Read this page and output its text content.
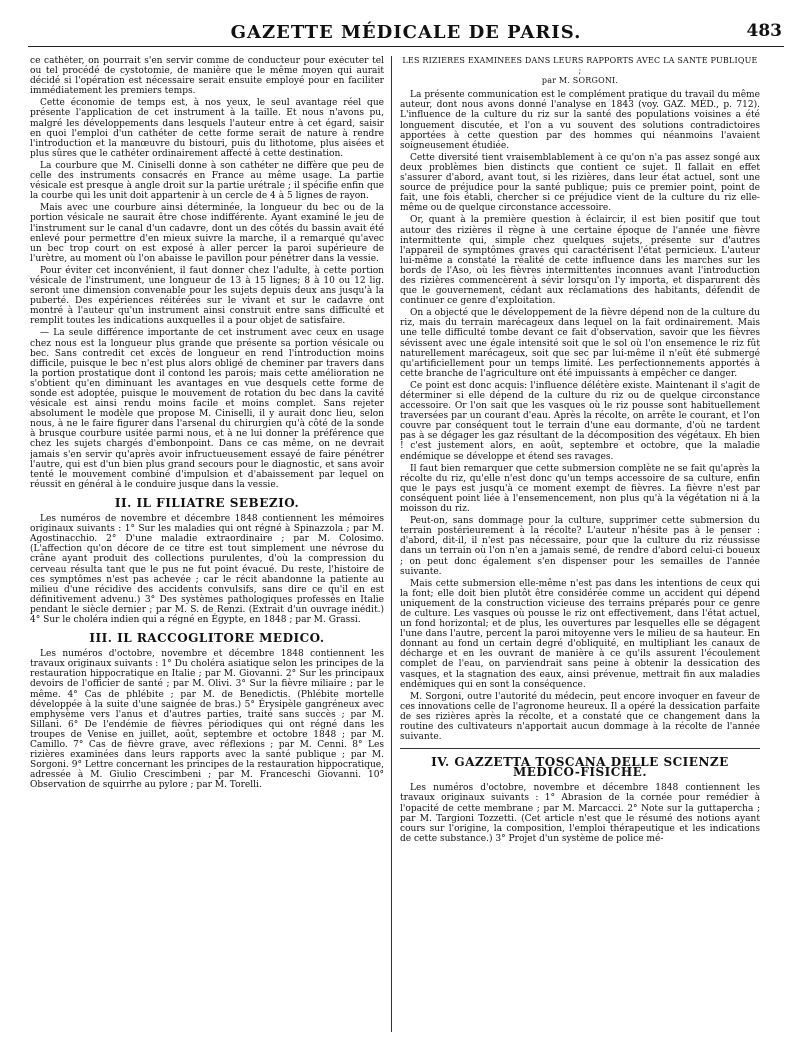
GAZETTE MÉDICALE DE PARIS.	483

ce cathéter, on pourrait s'en servir comme de conducteur pour exécuter tel ou tel procédé de cystotomie, de manière que le même moyen qui aurait décidé si l'opération est nécessaire serait ensuite employé pour en faciliter immédiatement les premiers temps.

Cette économie de temps est, à nos yeux, le seul avantage réel que présente l'application de cet instrument à la taille. Et nous n'avons pu, malgré les développements dans lesquels l'auteur entre à cet égard, saisir en quoi l'emploi d'un cathéter de cette forme serait de nature à rendre l'introduction et la manœuvre du bistouri, puis du lithotome, plus aisées et plus sûres que le cathéter ordinairement affecté à cette destination.

La courbure que M. Ciniselli donne à son cathéter ne diffère que peu de celle des instruments consacrés en France au même usage. La partie vésicale est presque à angle droit sur la partie urétrale ; il spécifie enfin que la courbe qui les unit doit appartenir à un cercle de 4 à 5 lignes de rayon.

Mais avec une courbure ainsi déterminée, la longueur du bec ou de la portion vésicale ne saurait être chose indifférente. Ayant examiné le jeu de l'instrument sur le canal d'un cadavre, dont un des côtés du bassin avait été enlevé pour permettre d'en mieux suivre la marche, il a remarqué qu'avec un bec trop court on est exposé à aller percer la paroi supérieure de l'urètre, au moment où l'on abaisse le pavillon pour pénétrer dans la vessie.

Pour éviter cet inconvénient, il faut donner chez l'adulte, à cette portion vésicale de l'instrument, une longueur de 13 à 15 lignes; 8 à 10 ou 12 lig. seront une dimension convenable pour les sujets depuis deux ans jusqu'à la puberté. Des expériences réitérées sur le vivant et sur le cadavre ont montré à l'auteur qu'un instrument ainsi construit entre sans difficulté et remplit toutes les indications auxquelles il a pour objet de satisfaire.

— La seule différence importante de cet instrument avec ceux en usage chez nous est la longueur plus grande que présente sa portion vésicale ou bec. Sans contredit cet excès de longueur en rend l'introduction moins difficile, puisque le bec n'est plus alors obligé de cheminer par travers dans la portion prostatique dont il contond les parois; mais cette amélioration ne s'obtient qu'en diminuant les avantages en vue desquels cette forme de sonde est adoptée, puisque le mouvement de rotation du bec dans la cavité vésicale est ainsi rendu moins facile et moins complet. Sans rejeter absolument le modèle que propose M. Ciniselli, il y aurait donc lieu, selon nous, à ne le faire figurer dans l'arsenal du chirurgien qu'à côté de la sonde à brusque courbure usitée parmi nous, et à ne lui donner la préférence que chez les sujets chargés d'embonpoint. Dans ce cas même, on ne devrait jamais s'en servir qu'après avoir infructueusement essayé de faire pénétrer l'autre, qui est d'un bien plus grand secours pour le diagnostic, et sans avoir tenté le mouvement combiné d'impulsion et d'abaissement par lequel on réussit en général à le conduire jusque dans la vessie.

II. IL FILIATRE SEBEZIO.

Les numéros de novembre et décembre 1848 contiennent les mémoires originaux suivants : 1° Sur les maladies qui ont régné à Spinazzola ; par M. Agostinacchio. 2° D'une maladie extraordinaire ; par M. Colosimo. (L'affection qu'on décore de ce titre est tout simplement une névrose du crâne ayant produit des collections purulentes, d'où la compression du cerveau résulta tant que le pus ne fut point évacué. Du reste, l'histoire de ces symptômes n'est pas achevée ; car le récit abandonne la patiente au milieu d'une récidive des accidents convulsifs, sans dire ce qu'il en est définitivement advenu.) 3° Des systèmes pathologiques professés en Italie pendant le siècle dernier ; par M. S. de Renzi. (Extrait d'un ouvrage inédit.) 4° Sur le choléra indien qui a régné en Égypte, en 1848 ; par M. Grassi.

III. IL RACCOGLITORE MEDICO.

Les numéros d'octobre, novembre et décembre 1848 contiennent les travaux originaux suivants : 1° Du choléra asiatique selon les principes de la restauration hippocratique en Italie ; par M. Giovanni. 2° Sur les principaux devoirs de l'officier de santé ; par M. Olivi. 3° Sur la fièvre miliaire ; par le même. 4° Cas de phlébite ; par M. de Benedictis. (Phlébite mortelle développée à la suite d'une saignée de bras.) 5° Érysipèle gangréneux avec emphysème vers l'anus et d'autres parties, traité sans succès ; par M. Sillani. 6° De l'endémie de fièvres périodiques qui ont régné dans les troupes de Venise en juillet, août, septembre et octobre 1848 ; par M. Camillo. 7° Cas de fièvre grave, avec réflexions ; par M. Cenni. 8° Les rizières examinées dans leurs rapports avec la santé publique ; par M. Sorgoni. 9° Lettre concernant les principes de la restauration hippocratique, adressée à M. Giulio Crescimbeni ; par M. Franceschi Giovanni. 10° Observation de squirrhe au pylore ; par M. Torelli.

LES RIZIÈRES EXAMINÉES DANS LEURS RAPPORTS AVEC LA SANTÉ PUBLIQUE ;
par M. SORGONI.

La présente communication est le complément pratique du travail du même auteur, dont nous avons donné l'analyse en 1843 (voy. GAZ. MÉD., p. 712). L'influence de la culture du riz sur la santé des populations voisines a été longuement discutée, et l'on a vu souvent des solutions contradictoires apportées à cette question par des hommes qui néanmoins l'avaient soigneusement étudiée.

Cette diversité tient vraisemblablement à ce qu'on n'a pas assez songé aux deux problèmes bien distincts que contient ce sujet. Il fallait en effet s'assurer d'abord, avant tout, si les rizières, dans leur état actuel, sont une source de préjudice pour la santé publique; puis ce premier point, point de fait, une fois établi, chercher si ce préjudice vient de la culture du riz elle-même ou de quelque circonstance accessoire.

Or, quant à la première question à éclaircir, il est bien positif que tout autour des rizières il règne à une certaine époque de l'année une fièvre intermittente qui, simple chez quelques sujets, présente sur d'autres l'appareil de symptômes graves qui caractérisent l'état pernicieux. L'auteur lui-même a constaté la réalité de cette influence dans les marches sur les bords de l'Aso, où les fièvres intermittentes inconnues avant l'introduction des rizières commencèrent à sévir lorsqu'on l'y importa, et disparurent dès que le gouvernement, cédant aux réclamations des habitants, défendit de continuer ce genre d'exploitation.

On a objecté que le développement de la fièvre dépend non de la culture du riz, mais du terrain marécageux dans lequel on la fait ordinairement. Mais une telle difficulté tombe devant ce fait d'observation, savoir que les fièvres sévissent avec une égale intensité soit que le sol où l'on ensemence le riz fût naturellement marécageux, soit que sec par lui-même il n'eût été submergé qu'artificiellement pour un temps limité. Les perfectionnements apportés à cette branche de l'agriculture ont été impuissants à empêcher ce danger.

Ce point est donc acquis: l'influence délétère existe. Maintenant il s'agit de déterminer si elle dépend de la culture du riz ou de quelque circonstance accessoire. Or l'on sait que les vasques où le riz pousse sont habituellement traversées par un courant d'eau. Après la récolte, on arrête le courant, et l'on couvre par conséquent tout le terrain d'une eau dormante, d'où ne tardent pas à se dégager les gaz résultant de la décomposition des végétaux. Eh bien ! c'est justement alors, en août, septembre et octobre, que la maladie endémique se développe et étend ses ravages.

Il faut bien remarquer que cette submersion complète ne se fait qu'après la récolte du riz, qu'elle n'est donc qu'un temps accessoire de sa culture, enfin que le pays est jusqu'à ce moment exempt de fièvres. La fièvre n'est par conséquent point liée à l'ensemencement, non plus qu'à la végétation ni à la moisson du riz.

Peut-on, sans dommage pour la culture, supprimer cette submersion du terrain postérieurement à la récolte? L'auteur n'hésite pas à le penser : d'abord, dit-il, il n'est pas nécessaire, pour que la culture du riz réussisse dans un terrain où l'on n'en a jamais semé, de rendre d'abord celui-ci boueux ; on peut donc également s'en dispenser pour les semailles de l'année suivante.

Mais cette submersion elle-même n'est pas dans les intentions de ceux qui la font; elle doit bien plutôt être considérée comme un accident qui dépend uniquement de la construction vicieuse des terrains préparés pour ce genre de culture. Les vasques où pousse le riz ont effectivement, dans l'état actuel, un fond horizontal; et de plus, les ouvertures par lesquelles elle se dégagent l'une dans l'autre, percent la paroi mitoyenne vers le milieu de sa hauteur. En donnant au fond un certain degré d'obliquité, en multipliant les canaux de décharge et en les ouvrant de manière à ce qu'ils assurent l'écoulement complet de l'eau, on parviendrait sans peine à obtenir la dessication des vasques, et la stagnation des eaux, ainsi prévenue, mettrait fin aux maladies endémiques qui en sont la conséquence.

M. Sorgoni, outre l'autorité du médecin, peut encore invoquer en faveur de ces innovations celle de l'agronome heureux. Il a opéré la dessication parfaite de ses rizières après la récolte, et a constaté que ce changement dans la routine des cultivateurs n'apportait aucun dommage à la récolte de l'année suivante.

IV. GAZZETTA TOSCANA DELLE SCIENZE MEDICO-FISICHE.

Les numéros d'octobre, novembre et décembre 1848 contiennent les travaux originaux suivants : 1° Abrasion de la cornée pour remédier à l'opacité de cette membrane ; par M. Marcacci. 2° Note sur la guttapercha ; par M. Targioni Tozzetti. (Cet article n'est que le résumé des notions ayant cours sur l'origine, la composition, l'emploi thérapeutique et les indications de cette substance.) 3° Projet d'un système de police mé-
